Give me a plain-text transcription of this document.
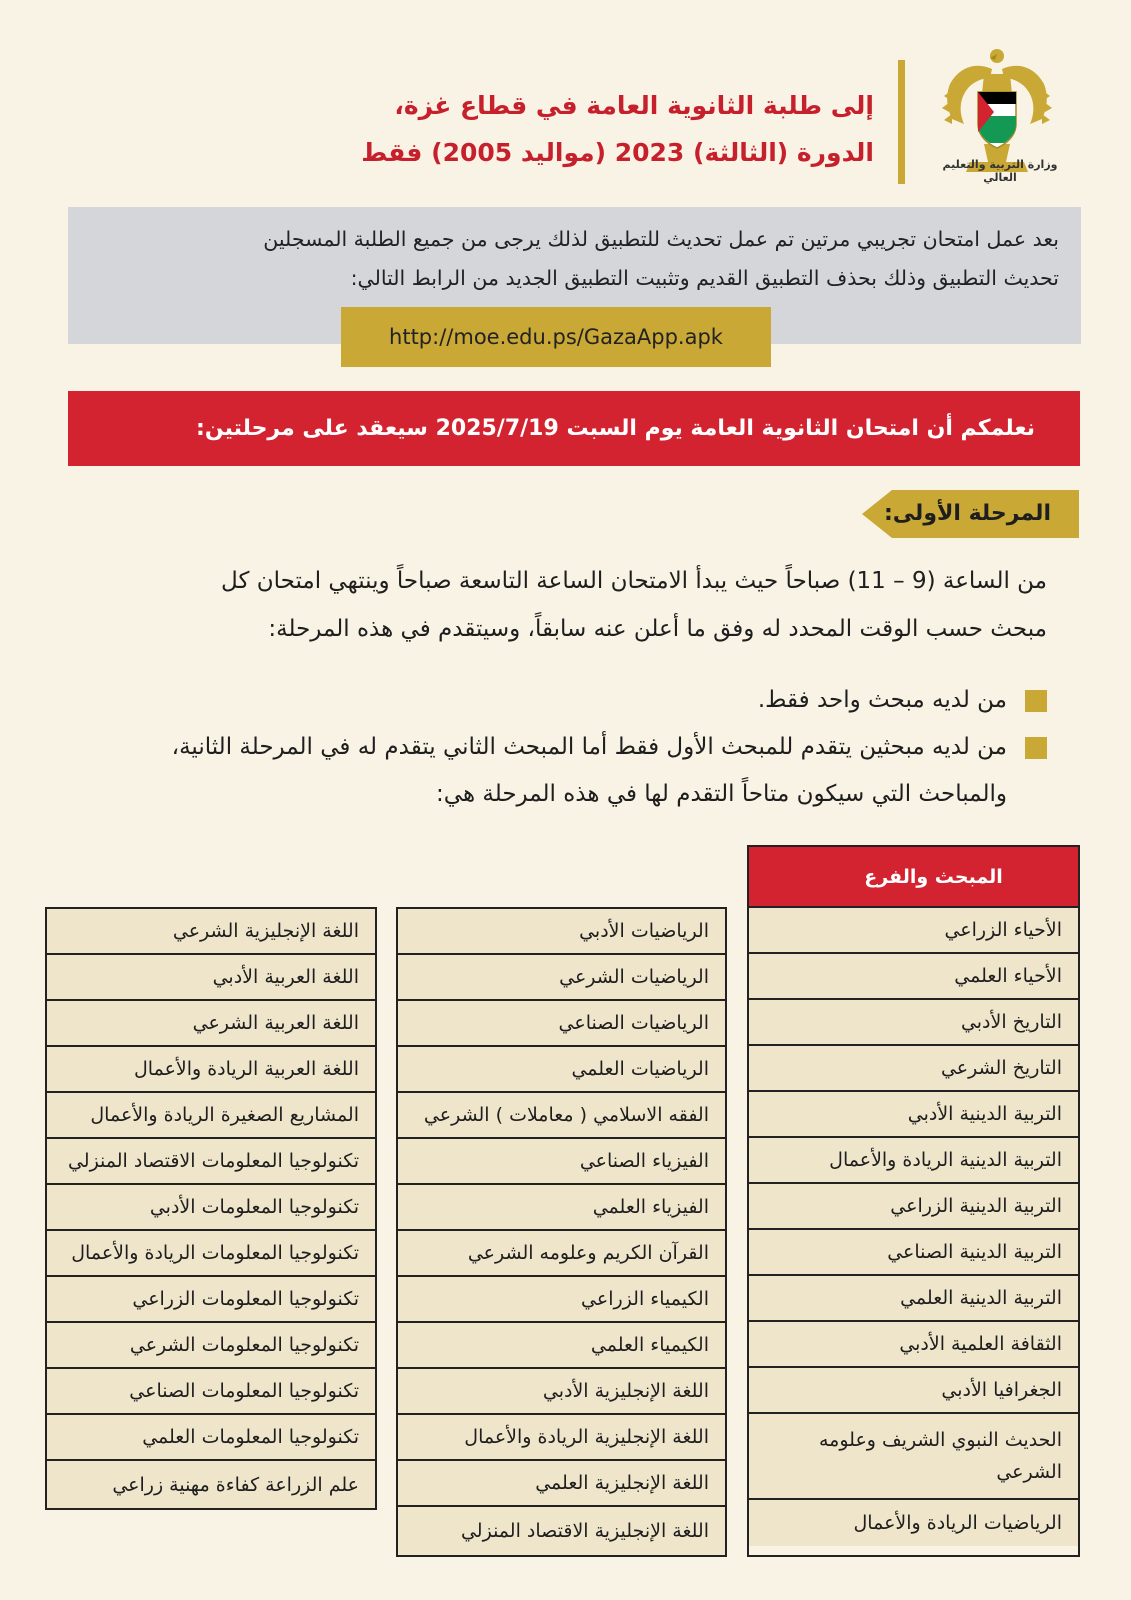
وزارة التربية والتعليم العالي
إلى طلبة الثانوية العامة في قطاع غزة،
الدورة (الثالثة) 2023 (مواليد 2005) فقط
بعد عمل امتحان تجريبي مرتين تم عمل تحديث للتطبيق لذلك يرجى من جميع الطلبة المسجلين
تحديث التطبيق وذلك بحذف التطبيق القديم وتثبيت التطبيق الجديد من الرابط التالي:
http://moe.edu.ps/GazaApp.apk
نعلمكم أن امتحان الثانوية العامة يوم السبت 2025/7/19 سيعقد على مرحلتين:
المرحلة الأولى:
من الساعة (9 – 11) صباحاً حيث يبدأ الامتحان الساعة التاسعة صباحاً وينتهي امتحان كل
مبحث حسب الوقت المحدد له وفق ما أعلن عنه سابقاً، وسيتقدم في هذه المرحلة:
من لديه مبحث واحد فقط.
من لديه مبحثين يتقدم للمبحث الأول فقط أما المبحث الثاني يتقدم له في المرحلة الثانية،
والمباحث التي سيكون متاحاً التقدم لها في هذه المرحلة هي:
المبحث والفرع
الأحياء الزراعي
الأحياء العلمي
التاريخ الأدبي
التاريخ الشرعي
التربية الدينية الأدبي
التربية الدينية الريادة والأعمال
التربية الدينية الزراعي
التربية الدينية الصناعي
التربية الدينية العلمي
الثقافة العلمية الأدبي
الجغرافيا الأدبي
الحديث النبوي الشريف وعلومه الشرعي
الرياضيات الريادة والأعمال
الرياضيات الأدبي
الرياضيات الشرعي
الرياضيات الصناعي
الرياضيات العلمي
الفقه الاسلامي ( معاملات ) الشرعي
الفيزياء الصناعي
الفيزياء العلمي
القرآن الكريم وعلومه الشرعي
الكيمياء الزراعي
الكيمياء العلمي
اللغة الإنجليزية الأدبي
اللغة الإنجليزية الريادة والأعمال
اللغة الإنجليزية العلمي
اللغة الإنجليزية الاقتصاد المنزلي
اللغة الإنجليزية الشرعي
اللغة العربية الأدبي
اللغة العربية الشرعي
اللغة العربية الريادة والأعمال
المشاريع الصغيرة الريادة والأعمال
تكنولوجيا المعلومات الاقتصاد المنزلي
تكنولوجيا المعلومات الأدبي
تكنولوجيا المعلومات الريادة والأعمال
تكنولوجيا المعلومات الزراعي
تكنولوجيا المعلومات الشرعي
تكنولوجيا المعلومات الصناعي
تكنولوجيا المعلومات العلمي
علم الزراعة كفاءة مهنية زراعي
